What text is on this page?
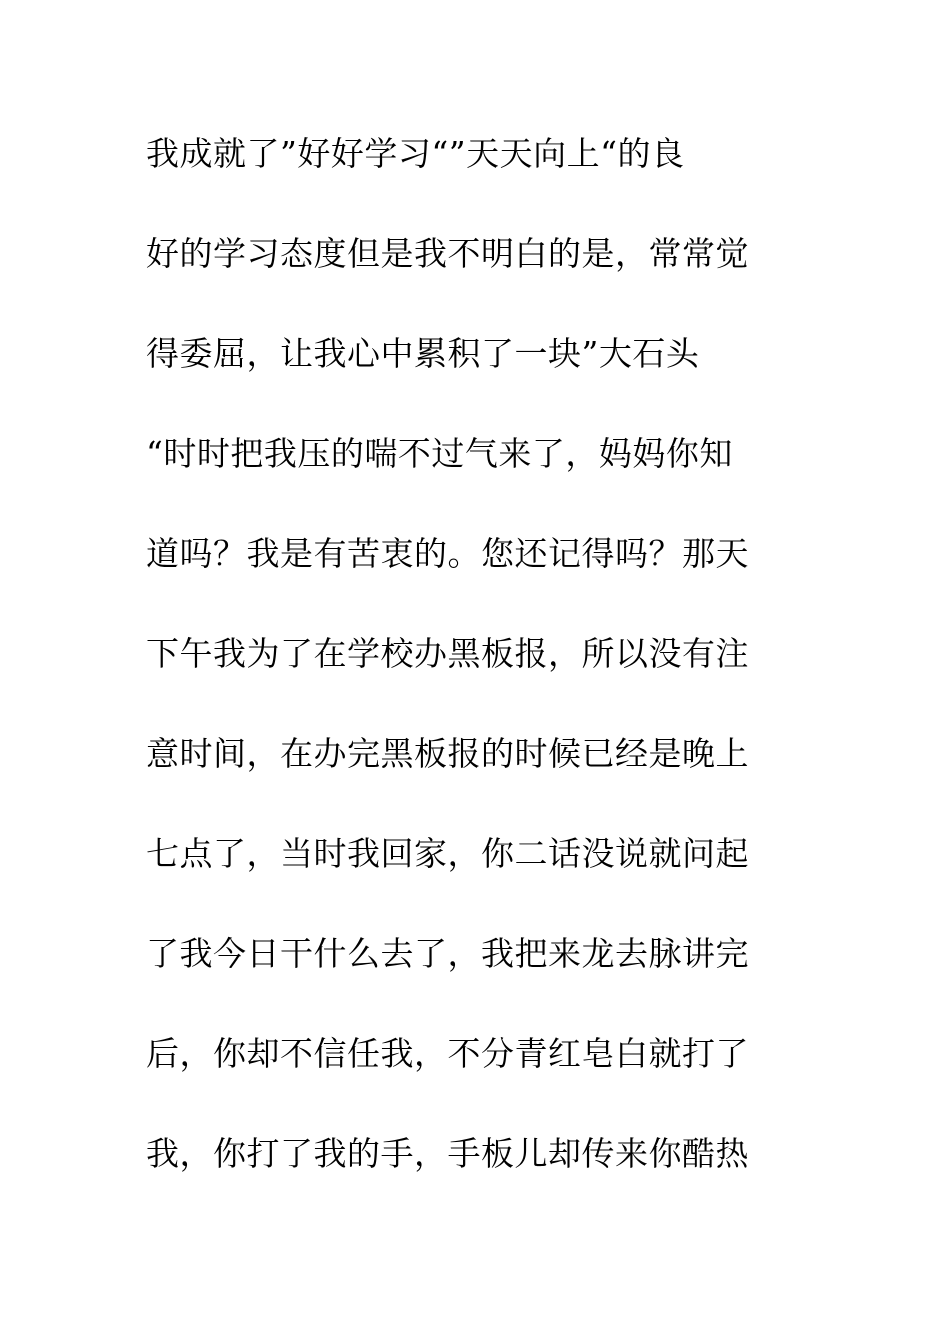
我成就了”好好学习“”天天向上“的良
好的学习态度但是我不明白的是，常常觉
得委屈，让我心中累积了一块”大石头
“时时把我压的喘不过气来了，妈妈你知
道吗？我是有苦衷的。您还记得吗？那天
下午我为了在学校办黑板报，所以没有注
意时间，在办完黑板报的时候已经是晚上
七点了，当时我回家，你二话没说就问起
了我今日干什么去了，我把来龙去脉讲完
后，你却不信任我，不分青红皂白就打了
我，你打了我的手，手板儿却传来你酷热
